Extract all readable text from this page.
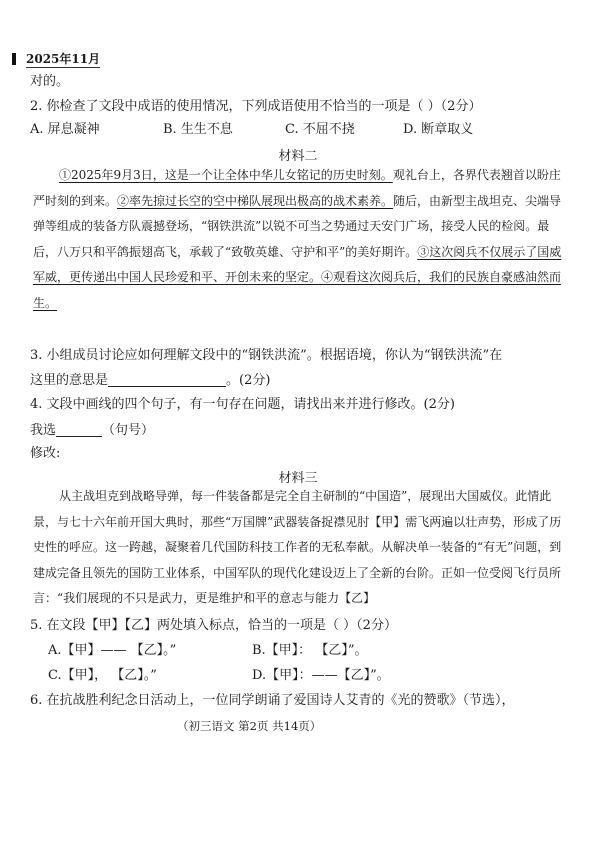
2025年11月
对的。
2. 你检查了文段中成语的使用情况，下列成语使用不恰当的一项是（ ）（2分）
A. 屏息凝神	B. 生生不息	C. 不屈不挠	D. 断章取义
材料二
①2025年9月3日，这是一个让全体中华儿女铭记的历史时刻。观礼台上，各界代表翘首以盼庄严时刻的到来。②率先掠过长空的空中梯队展现出极高的战术素养。随后，由新型主战坦克、尖端导弹等组成的装备方队震撼登场，“钢铁洪流”以锐不可当之势通过天安门广场，接受人民的检阅。最后，八万只和平鸽振翅高飞，承载了“致敬英雄、守护和平”的美好期许。③这次阅兵不仅展示了国威军威，更传递出中国人民珍爱和平、开创未来的坚定。④观看这次阅兵后，我们的民族自豪感油然而生。
3. 小组成员讨论应如何理解文段中的“钢铁洪流”。根据语境，你认为“钢铁洪流”在
这里的意思是	。(2分)
4. 文段中画线的四个句子，有一句存在问题，请找出来并进行修改。(2分)
我选	（句号）
修改:
材料三
从主战坦克到战略导弹，每一件装备都是完全自主研制的“中国造”，展现出大国威仪。此情此景，与七十六年前开国大典时，那些“万国牌”武器装备捉襟见肘【甲】需飞两遍以壮声势，形成了历史性的呼应。这一跨越，凝聚着几代国防科技工作者的无私奉献。从解决单一装备的“有无”问题，到建成完备且领先的国防工业体系，中国军队的现代化建设迈上了全新的台阶。正如一位受阅飞行员所言：“我们展现的不只是武力，更是维护和平的意志与能力【乙】
5. 在文段【甲】【乙】两处填入标点，恰当的一项是（ ）（2分）
A.【甲】—— 【乙】。”	B.【甲】： 【乙】”。
C.【甲】， 【乙】。”	D.【甲】：——【乙】”。
6. 在抗战胜利纪念日活动上，一位同学朗诵了爱国诗人艾青的《光的赞歌》（节选），
（初三语文 第2页 共14页）
